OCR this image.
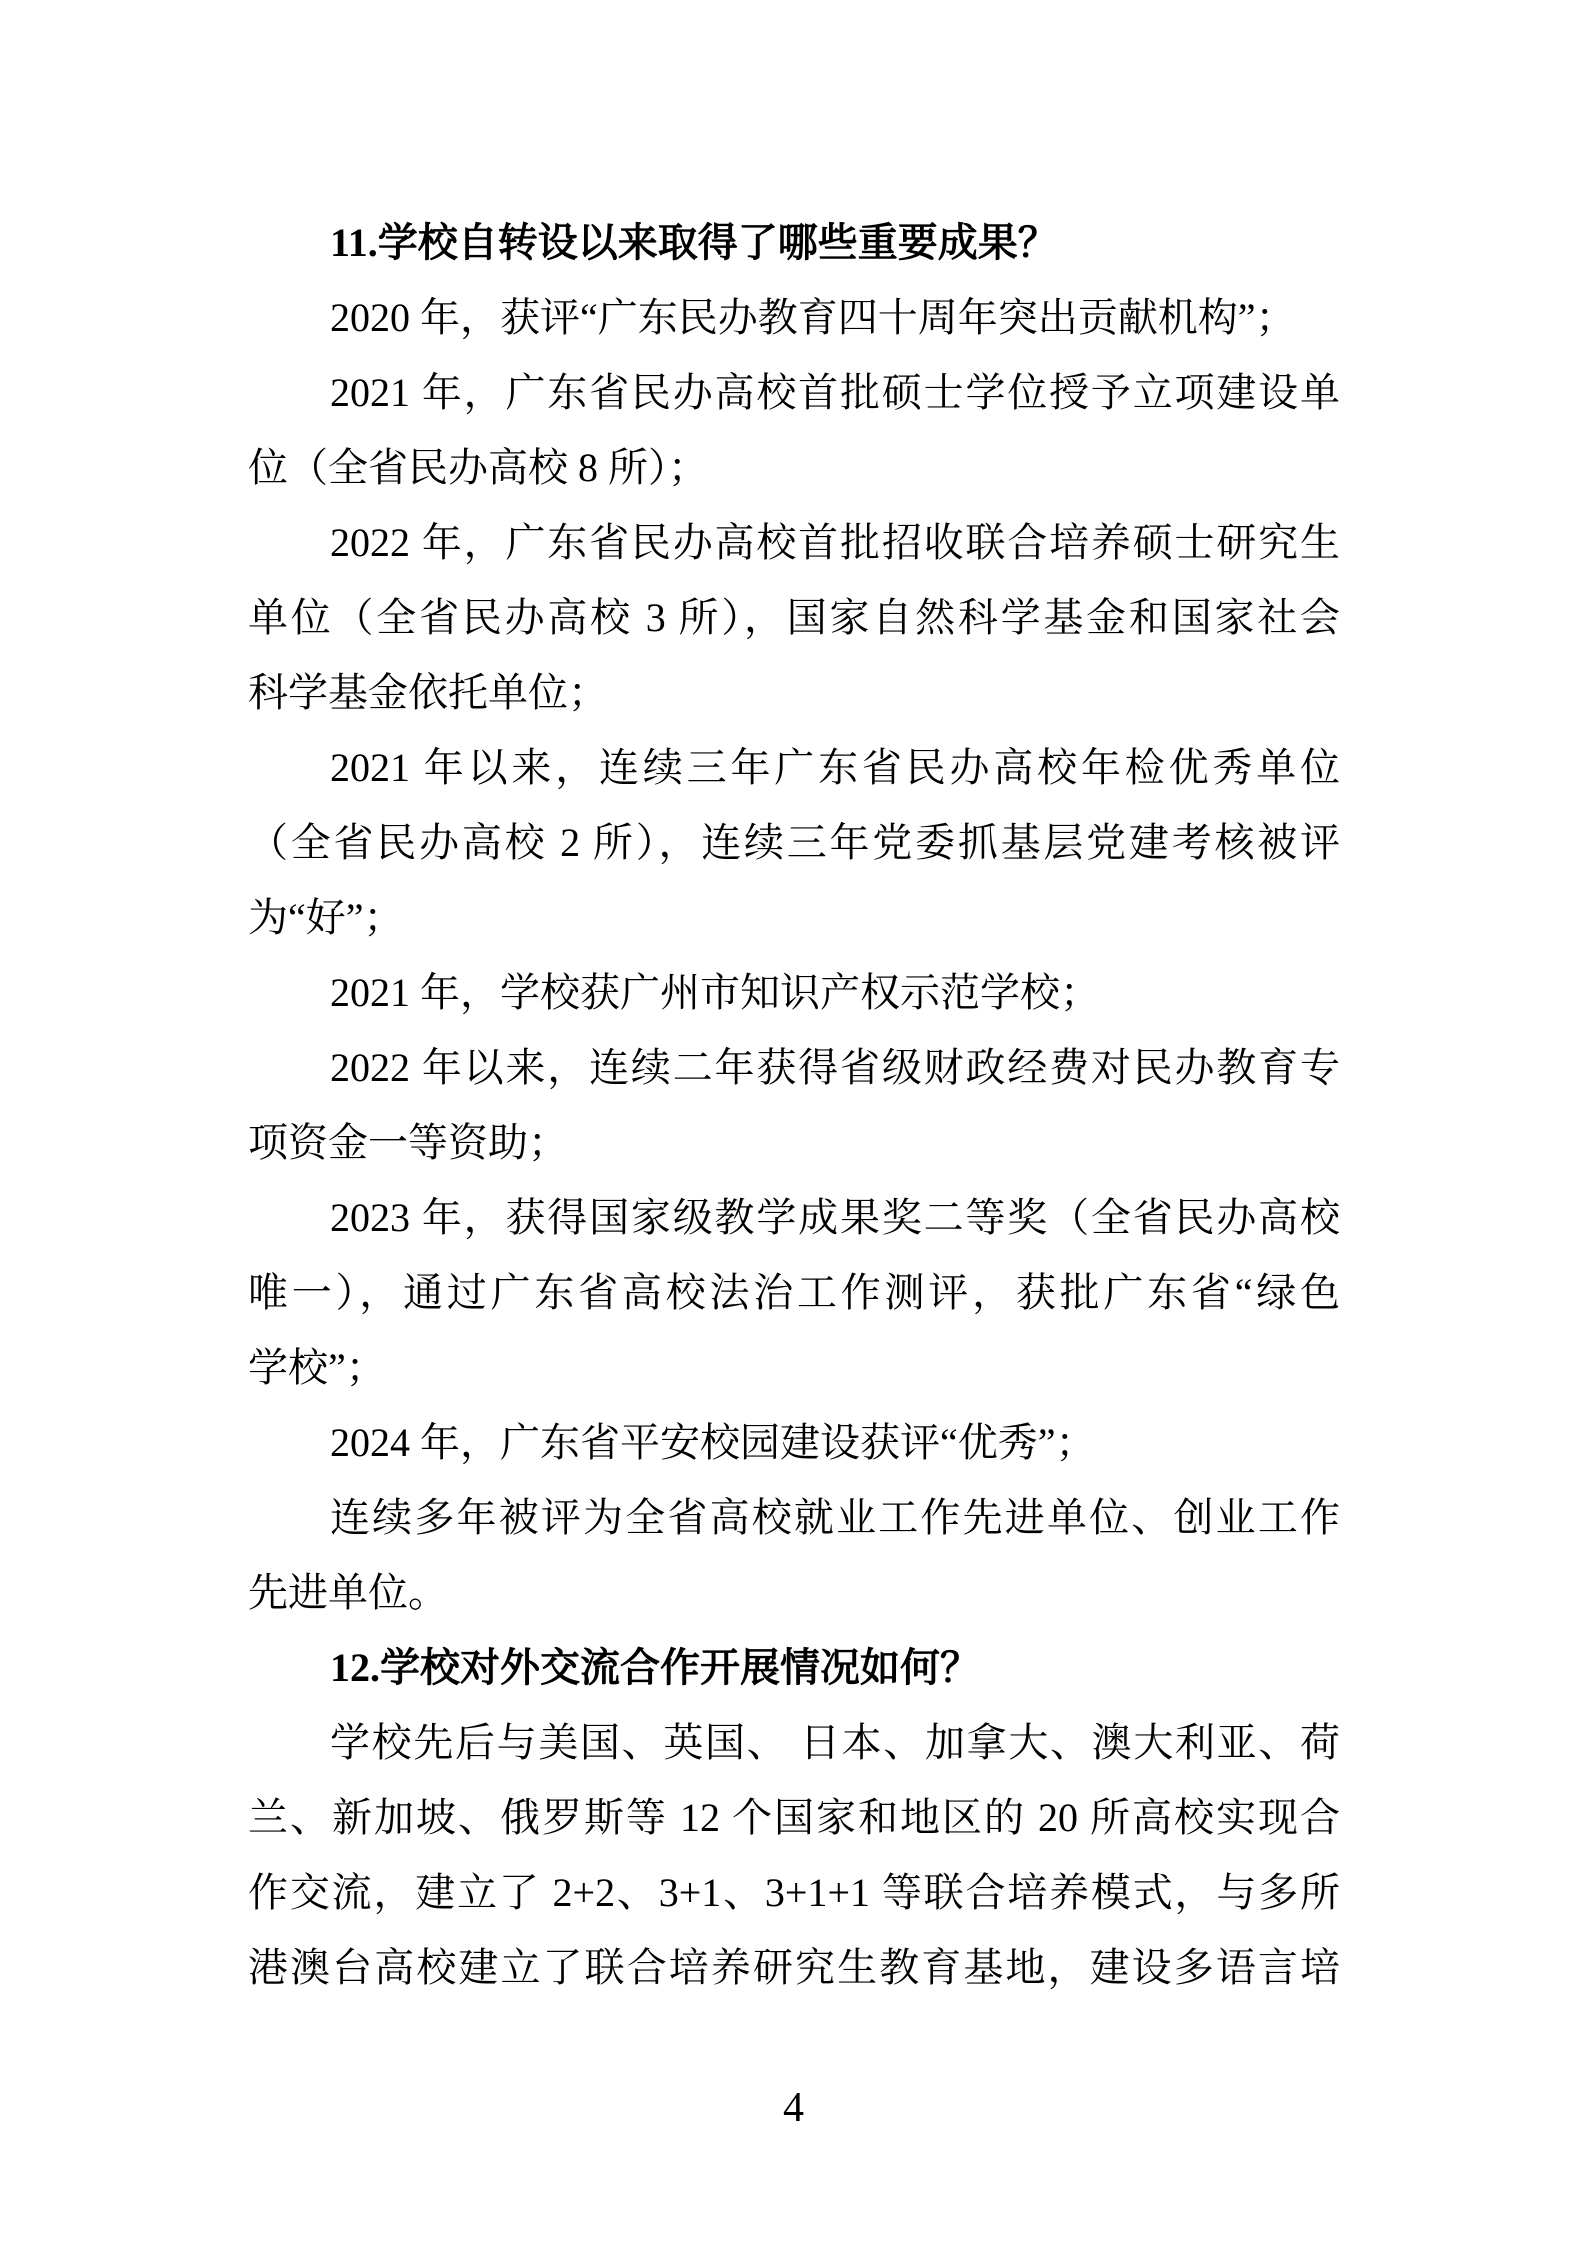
11.学校自转设以来取得了哪些重要成果？
2020 年，获评“广东民办教育四十周年突出贡献机构”；
2021 年，广东省民办高校首批硕士学位授予立项建设单
位（全省民办高校 8 所）；
2022 年，广东省民办高校首批招收联合培养硕士研究生
单位（全省民办高校 3 所），国家自然科学基金和国家社会
科学基金依托单位；
2021 年以来，连续三年广东省民办高校年检优秀单位
（全省民办高校 2 所），连续三年党委抓基层党建考核被评
为“好”；
2021 年，学校获广州市知识产权示范学校；
2022 年以来，连续二年获得省级财政经费对民办教育专
项资金一等资助；
2023 年，获得国家级教学成果奖二等奖（全省民办高校
唯一），通过广东省高校法治工作测评，获批广东省“绿色
学校”；
2024 年，广东省平安校园建设获评“优秀”；
连续多年被评为全省高校就业工作先进单位、创业工作
先进单位。
12.学校对外交流合作开展情况如何？
学校先后与美国、英国、 日本、加拿大、澳大利亚、荷
兰、新加坡、俄罗斯等 12 个国家和地区的 20 所高校实现合
作交流，建立了 2+2、3+1、3+1+1 等联合培养模式，与多所
港澳台高校建立了联合培养研究生教育基地，建设多语言培
4
